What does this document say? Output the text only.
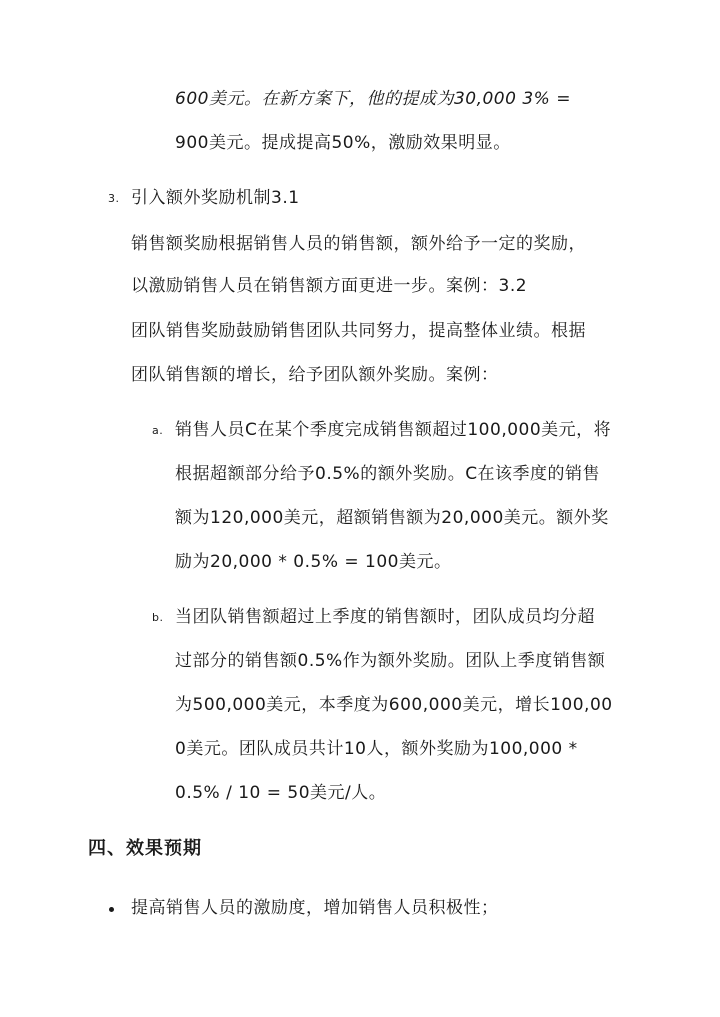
600美元。在新方案下，他的提成为30,000 3% =
900美元。提成提高50%，激励效果明显。
3. 引入额外奖励机制3.1
销售额奖励根据销售人员的销售额，额外给予一定的奖励，
以激励销售人员在销售额方面更进一步。案例：3.2
团队销售奖励鼓励销售团队共同努力，提高整体业绩。根据
团队销售额的增长，给予团队额外奖励。案例：
a. 销售人员C在某个季度完成销售额超过100,000美元，将
根据超额部分给予0.5%的额外奖励。C在该季度的销售
额为120,000美元，超额销售额为20,000美元。额外奖
励为20,000 * 0.5% = 100美元。
b. 当团队销售额超过上季度的销售额时，团队成员均分超
过部分的销售额0.5%作为额外奖励。团队上季度销售额
为500,000美元，本季度为600,000美元，增长100,00
0美元。团队成员共计10人，额外奖励为100,000 *
0.5% / 10 = 50美元/人。
四、效果预期
提高销售人员的激励度，增加销售人员积极性；
